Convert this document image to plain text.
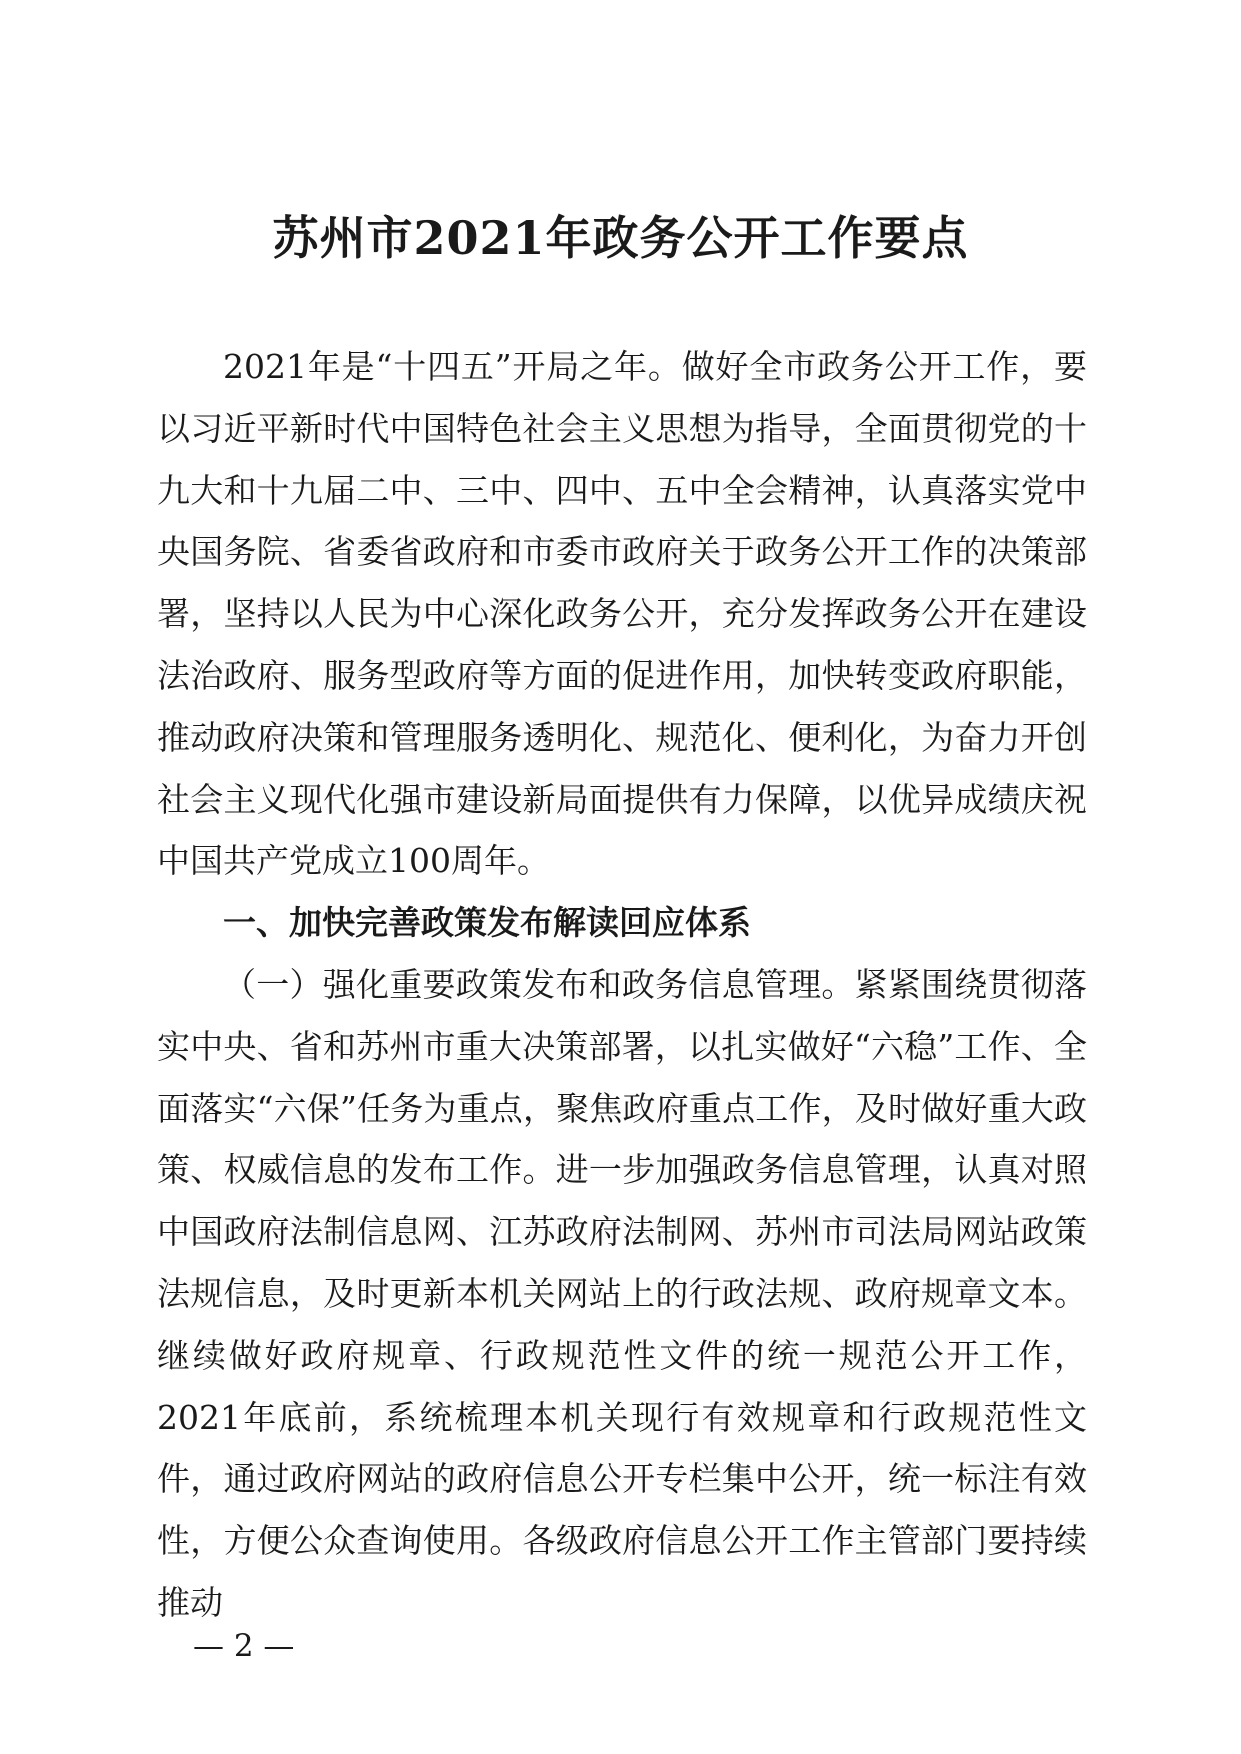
苏州市2021年政务公开工作要点

2021年是“十四五”开局之年。做好全市政务公开工作，要以习近平新时代中国特色社会主义思想为指导，全面贯彻党的十九大和十九届二中、三中、四中、五中全会精神，认真落实党中央国务院、省委省政府和市委市政府关于政务公开工作的决策部署，坚持以人民为中心深化政务公开，充分发挥政务公开在建设法治政府、服务型政府等方面的促进作用，加快转变政府职能，推动政府决策和管理服务透明化、规范化、便利化，为奋力开创社会主义现代化强市建设新局面提供有力保障，以优异成绩庆祝中国共产党成立100周年。

一、加快完善政策发布解读回应体系

（一）强化重要政策发布和政务信息管理。紧紧围绕贯彻落实中央、省和苏州市重大决策部署，以扎实做好“六稳”工作、全面落实“六保”任务为重点，聚焦政府重点工作，及时做好重大政策、权威信息的发布工作。进一步加强政务信息管理，认真对照中国政府法制信息网、江苏政府法制网、苏州市司法局网站政策法规信息，及时更新本机关网站上的行政法规、政府规章文本。继续做好政府规章、行政规范性文件的统一规范公开工作，2021年底前，系统梳理本机关现行有效规章和行政规范性文件，通过政府网站的政府信息公开专栏集中公开，统一标注有效性，方便公众查询使用。各级政府信息公开工作主管部门要持续推动

— 2 —
